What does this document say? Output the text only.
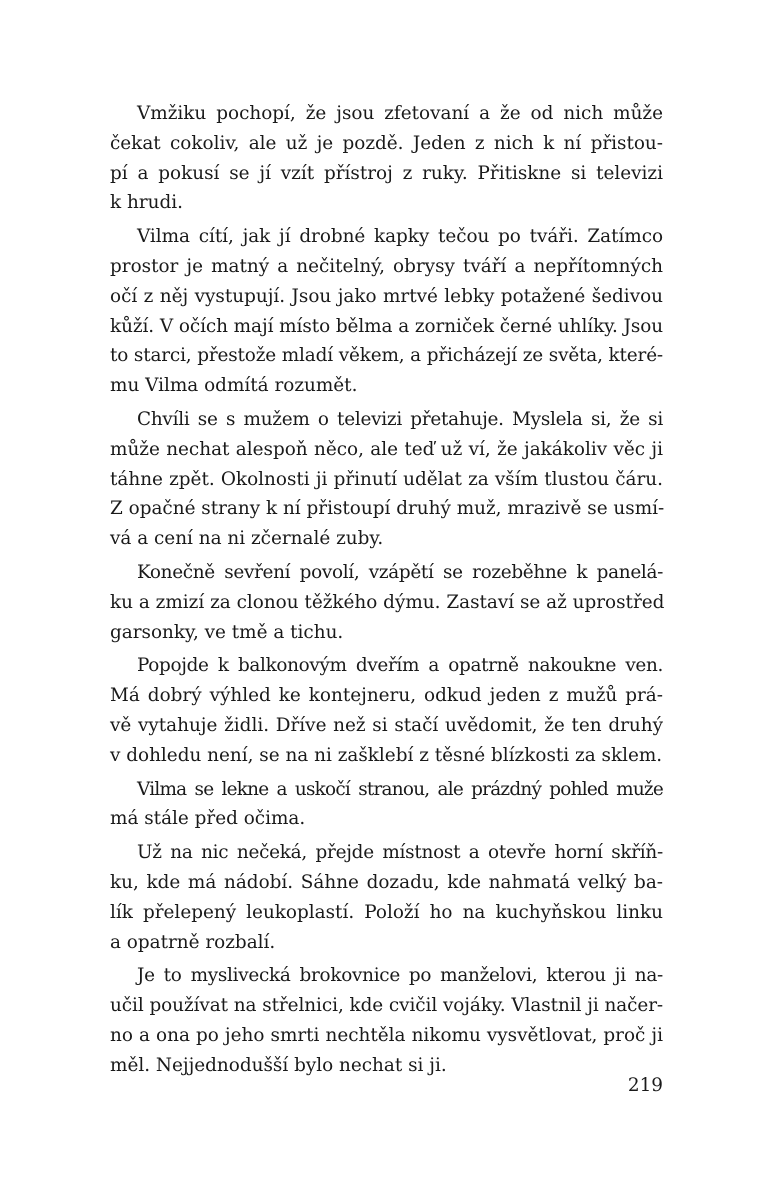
Vmžiku pochopí, že jsou zfetovaní a že od nich může
čekat cokoliv, ale už je pozdě. Jeden z nich k ní přistou-
pí a pokusí se jí vzít přístroj z ruky. Přitiskne si televizi
k hrudi.
Vilma cítí, jak jí drobné kapky tečou po tváři. Zatímco
prostor je matný a nečitelný, obrysy tváří a nepřítomných
očí z něj vystupují. Jsou jako mrtvé lebky potažené šedivou
kůží. V očích mají místo bělma a zorniček černé uhlíky. Jsou
to starci, přestože mladí věkem, a přicházejí ze světa, které-
mu Vilma odmítá rozumět.
Chvíli se s mužem o televizi přetahuje. Myslela si, že si
může nechat alespoň něco, ale teď už ví, že jakákoliv věc ji
táhne zpět. Okolnosti ji přinutí udělat za vším tlustou čáru.
Z opačné strany k ní přistoupí druhý muž, mrazivě se usmí-
vá a cení na ni zčernalé zuby.
Konečně sevření povolí, vzápětí se rozeběhne k panelá-
ku a zmizí za clonou těžkého dýmu. Zastaví se až uprostřed
garsonky, ve tmě a tichu.
Popojde k balkonovým dveřím a opatrně nakoukne ven.
Má dobrý výhled ke kontejneru, odkud jeden z mužů prá-
vě vytahuje židli. Dříve než si stačí uvědomit, že ten druhý
v dohledu není, se na ni zašklebí z těsné blízkosti za sklem.
Vilma se lekne a uskočí stranou, ale prázdný pohled muže
má stále před očima.
Už na nic nečeká, přejde místnost a otevře horní skříň-
ku, kde má nádobí. Sáhne dozadu, kde nahmatá velký ba-
lík přelepený leukoplastí. Položí ho na kuchyňskou linku
a opatrně rozbalí.
Je to myslivecká brokovnice po manželovi, kterou ji na-
učil používat na střelnici, kde cvičil vojáky. Vlastnil ji načer-
no a ona po jeho smrti nechtěla nikomu vysvětlovat, proč ji
měl. Nejjednodušší bylo nechat si ji.
219
